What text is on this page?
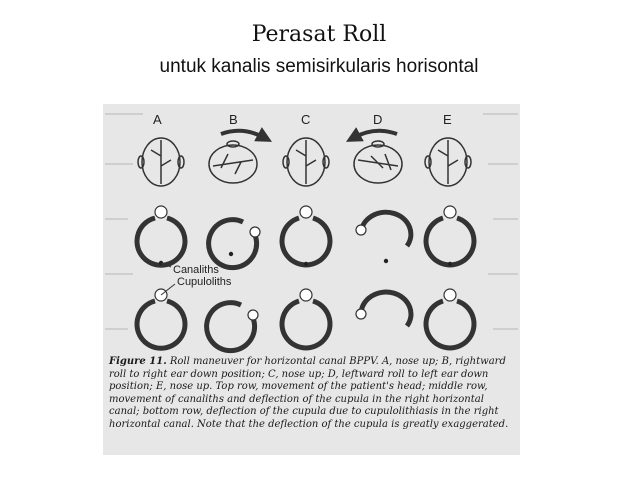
Perasat Roll
untuk kanalis semisirkularis horisontal
A	B	C	D	E
Canaliths
Cupuloliths
Figure 11. Roll maneuver for horizontal canal BPPV. A, nose up; B, rightward roll to right ear down position; C, nose up; D, leftward roll to left ear down position; E, nose up. Top row, movement of the patient's head; middle row, movement of canaliths and deflection of the cupula in the right horizontal canal; bottom row, deflection of the cupula due to cupulolithiasis in the right horizontal canal. Note that the deflection of the cupula is greatly exaggerated.
